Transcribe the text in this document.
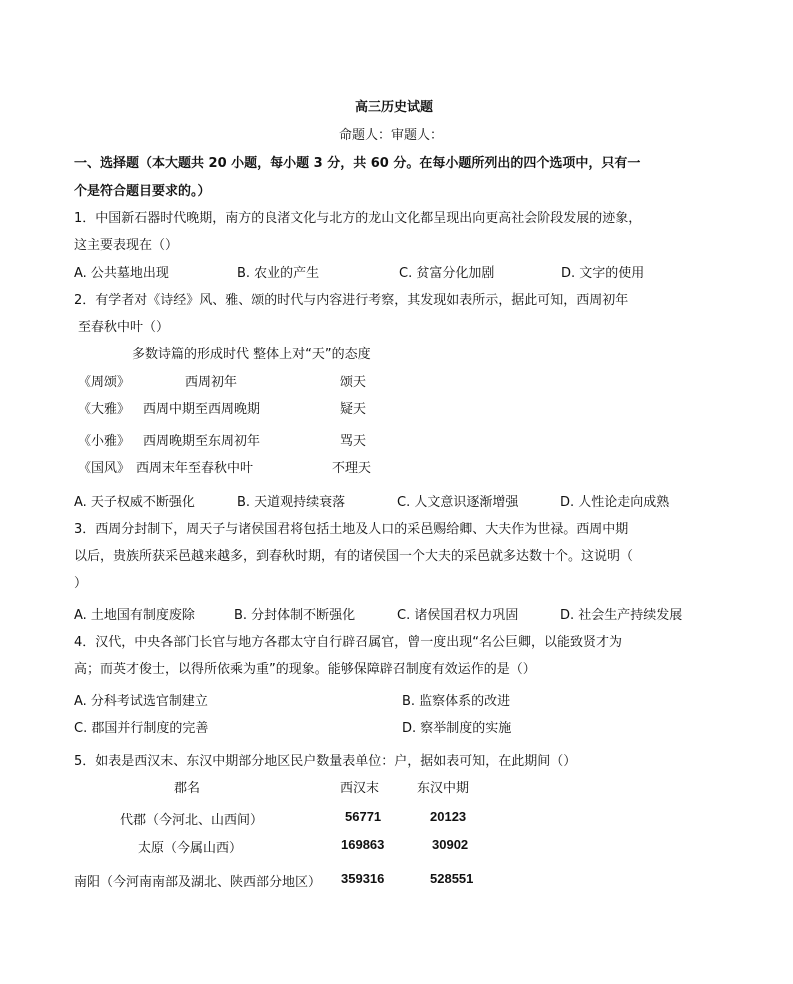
高三历史试题
命题人：审题人：
一、选择题（本大题共 20 小题，每小题 3 分，共 60 分。在每小题所列出的四个选项中，只有一
个是符合题目要求的。）
1．中国新石器时代晚期，南方的良渚文化与北方的龙山文化都呈现出向更高社会阶段发展的迹象，
这主要表现在（）
A. 公共墓地出现	B. 农业的产生	C. 贫富分化加剧	D. 文字的使用
2．有学者对《诗经》风、雅、颂的时代与内容进行考察，其发现如表所示，据此可知，西周初年
至春秋中叶（）
多数诗篇的形成时代 整体上对“天”的态度
《周颂》	西周初年	颂天
《大雅》 西周中期至西周晚期	疑天
《小雅》 西周晚期至东周初年	骂天
《国风》 西周末年至春秋中叶	不理天
A. 天子权威不断强化	B. 天道观持续衰落	C. 人文意识逐渐增强	D. 人性论走向成熟
3．西周分封制下，周天子与诸侯国君将包括土地及人口的采邑赐给卿、大夫作为世禄。西周中期
以后，贵族所获采邑越来越多，到春秋时期，有的诸侯国一个大夫的采邑就多达数十个。这说明（
）
A. 土地国有制度废除	B. 分封体制不断强化	C. 诸侯国君权力巩固	D. 社会生产持续发展
4．汉代，中央各部门长官与地方各郡太守自行辟召属官，曾一度出现“名公巨卿，以能致贤才为
高；而英才俊士，以得所依乘为重”的现象。能够保障辟召制度有效运作的是（）
A. 分科考试选官制建立	B. 监察体系的改进
C. 郡国并行制度的完善	D. 察举制度的实施
5．如表是西汉末、东汉中期部分地区民户数量表单位：户，据如表可知，在此期间（）
郡名	西汉末	东汉中期
代郡（今河北、山西间）	56771	20123
太原（今属山西）	169863	30902
南阳（今河南南部及湖北、陕西部分地区） 359316	528551
